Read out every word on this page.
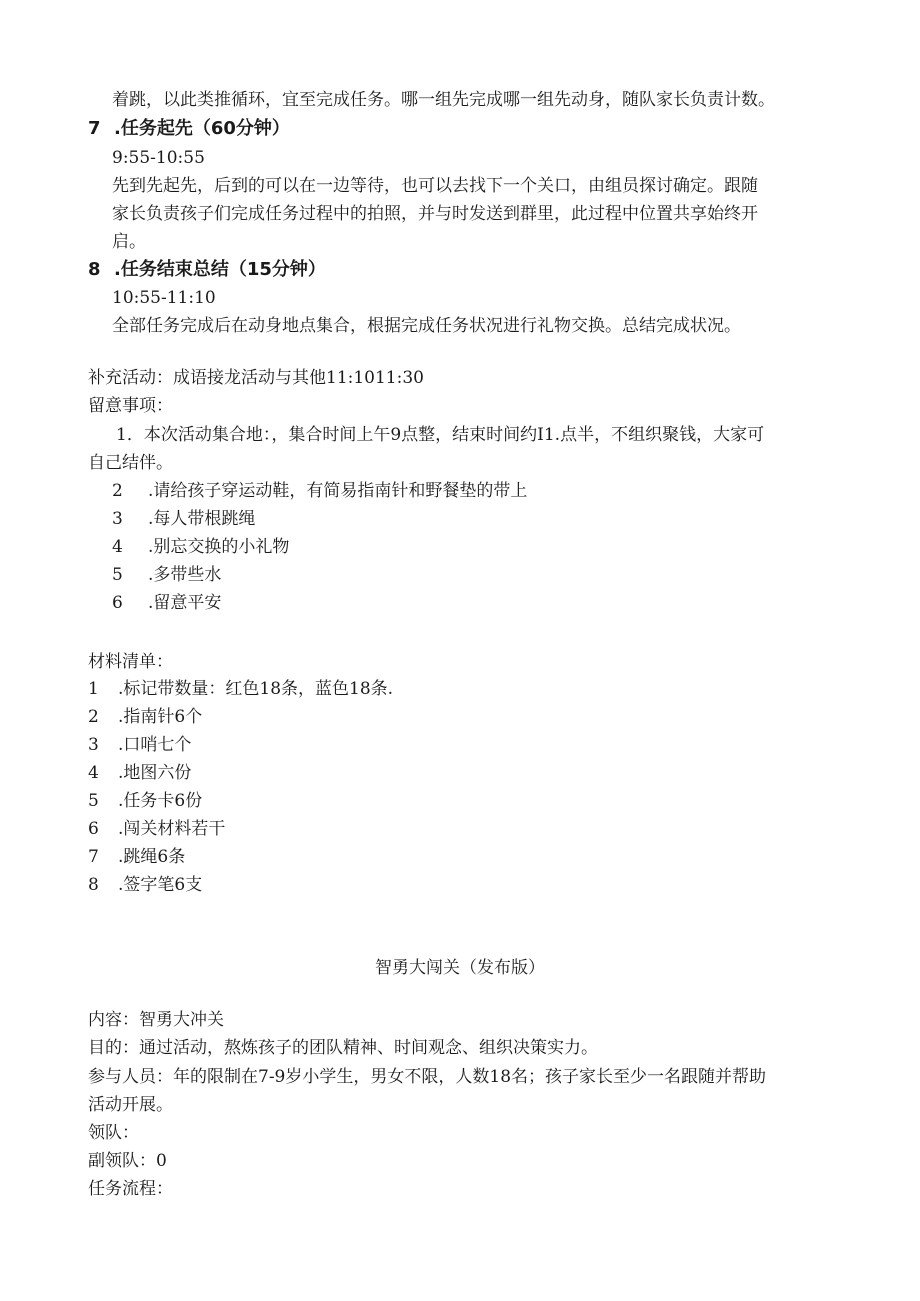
着跳，以此类推循环，宜至完成任务。哪一组先完成哪一组先动身，随队家长负责计数。
7 .任务起先（60分钟）
9:55-10:55
先到先起先，后到的可以在一边等待，也可以去找下一个关口，由组员探讨确定。跟随
家长负责孩子们完成任务过程中的拍照，并与时发送到群里，此过程中位置共享始终开
启。
8 .任务结束总结（15分钟）
10:55-11:10
全部任务完成后在动身地点集合，根据完成任务状况进行礼物交换。总结完成状况。
补充活动：成语接龙活动与其他11:1011:30
留意事项：
1．本次活动集合地：，集合时间上午9点整，结束时间约I1.点半，不组织聚钱，大家可
自己结伴。
2 .请给孩子穿运动鞋，有简易指南针和野餐垫的带上
3 .每人带根跳绳
4 .别忘交换的小礼物
5 .多带些水
6 .留意平安
材料清单：
1 .标记带数量：红色18条，蓝色18条.
2 .指南针6个
3 .口哨七个
4 .地图六份
5 .任务卡6份
6 .闯关材料若干
7 .跳绳6条
8 .签字笔6支
智勇大闯关（发布版）
内容：智勇大冲关
目的：通过活动，熬炼孩子的团队精神、时间观念、组织决策实力。
参与人员：年的限制在7-9岁小学生，男女不限，人数18名；孩子家长至少一名跟随并帮助
活动开展。
领队：
副领队：0
任务流程：
